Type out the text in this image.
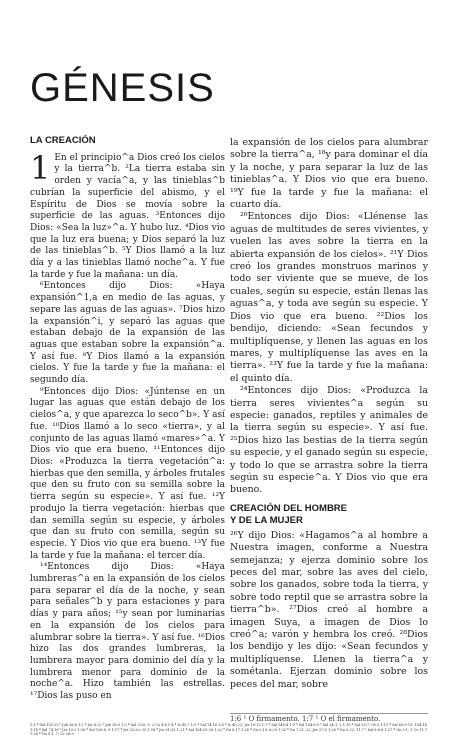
GÉNESIS
LA CREACIÓN

1 En el principio^a Dios creó los cielos y la tierra^b. ²La tierra estaba sin orden y vacía^a, y las tinieblas^b cubrían la superficie del abismo, y el Espíritu de Dios se movía sobre la superficie de las aguas. ³Entonces dijo Dios: «Sea la luz»^a. Y hubo luz. ⁴Dios vio que la luz era buena; y Dios separó la luz de las tinieblas^b. ⁵Y Dios llamó a la luz día y a las tinieblas llamó noche^a. Y fue la tarde y fue la mañana: un día.

⁶Entonces dijo Dios: «Haya expansión^1,a en medio de las aguas, y separe las aguas de las aguas». ⁷Dios hizo la expansión^i, y separó las aguas que estaban debajo de la expansión de las aguas que estaban sobre la expansión^a. Y así fue. ⁸Y Dios llamó a la expansión cielos. Y fue la tarde y fue la mañana: el segundo día.

⁹Entonces dijo Dios: «Júntense en un lugar las aguas que están debajo de los cielos^a, y que aparezca lo seco^b». Y así fue. ¹⁰Dios llamó a lo seco «tierra», y al conjunto de las aguas llamó «mares»^a. Y Dios vio que era bueno. ¹¹Entonces dijo Dios: «Produzca la tierra vegetación^a: hierbas que den semilla, y árboles frutales que den su fruto con su semilla sobre la tierra según su especie». Y así fue. ¹²Y produjo la tierra vegetación: hierbas que dan semilla según su especie, y árboles que dan su fruto con semilla, según su especie. Y Dios vio que era bueno. ¹³Y fue la tarde y fue la mañana: el tercer día.

¹⁴Entonces dijo Dios: «Haya lumbreras^a en la expansión de los cielos para separar el día de la noche, y sean para señales^b y para estaciones y para días y para años; ¹⁵y sean por luminarias en la expansión de los cielos para alumbrar sobre la tierra». Y así fue. ¹⁶Dios hizo las dos grandes lumbreras, la lumbrera mayor para dominio del día y la lumbrera menor para dominio de la noche^a. Hizo también las estrellas. ¹⁷Dios las puso en

la expansión de los cielos para alumbrar sobre la tierra^a, ¹⁸y para dominar el día y la noche, y para separar la luz de las tinieblas^a. Y Dios vio que era bueno. ¹⁹Y fue la tarde y fue la mañana: el cuarto día.

²⁰Entonces dijo Dios: «Llénense las aguas de multitudes de seres vivientes, y vuelen las aves sobre la tierra en la abierta expansión de los cielos». ²¹Y Dios creó los grandes monstruos marinos y todo ser viviente que se mueve, de los cuales, según su especie, están llenas las aguas^a, y toda ave según su especie. Y Dios vio que era bueno. ²²Dios los bendijo, diciendo: «Sean fecundos y multiplíquense, y llenen las aguas en los mares, y multiplíquense las aves en la tierra». ²³Y fue la tarde y fue la mañana: el quinto día.

²⁴Entonces dijo Dios: «Produzca la tierra seres vivientes^a según su especie: ganados, reptiles y animales de la tierra según su especie». Y así fue. ²⁵Dios hizo las bestias de la tierra según su especie, y el ganado según su especie, y todo lo que se arrastra sobre la tierra según su especie^a. Y Dios vio que era bueno.

CREACIÓN DEL HOMBRE
Y DE LA MUJER

²⁶Y dijo Dios: «Hagamos^a al hombre a Nuestra imagen, conforme a Nuestra semejanza; y ejerza dominio sobre los peces del mar, sobre las aves del cielo, sobre los ganados, sobre toda la tierra, y sobre todo reptil que se arrastra sobre la tierra^b». ²⁷Dios creó al hombre a imagen Suya, a imagen de Dios lo creó^a; varón y hembra los creó. ²⁸Dios los bendijo y les dijo: «Sean fecundos y multiplíquense. Llenen la tierra^a y sométanla. Ejerzan dominio sobre los peces del mar, sobre

1:6 ¹ O firmamento. 1:7 ¹ O el firmamento.
1:1 ª Sal 102:25 ᵇ Job 38:4 1:2 ª Jer 4:23 ᵇ Job 38:9 1:3 ª Sal 33:6, 9; 2 Co 4:6 1:4 ª Is 45:7 1:5 ª Sal 74:16 1:6 ª Is 40:22; Jer 10:12 1:7 ª Sal 148:4 1:9 ª Sal 104:6-9 ᵇ Sal 24:1, 2 1:10 ª Sal 33:7; 95:5 1:11 ª Sal 65:9-13; 104:14 1:14 ª Sal 74:16 ᵇ Jer 10:2 1:16 ª Sal 136:8, 9 1:17 ª Jer 33:20, 25 1:18 ª Jer 31:35 1:21 ª Sal 104:25-28 1:22 ª Gn 8:17 1:24 ª Gn 2:19; 6:20 1:25 ª Gn 7:21, 22; Jer 27:5 1:26 ª Gn 3:22; 11:7 ᵇ Sal 8:6-8 1:27 ª Gn 5:1; 1 Co 11:7 1:28 ª Gn 9:1, 7; Lv 26:9
